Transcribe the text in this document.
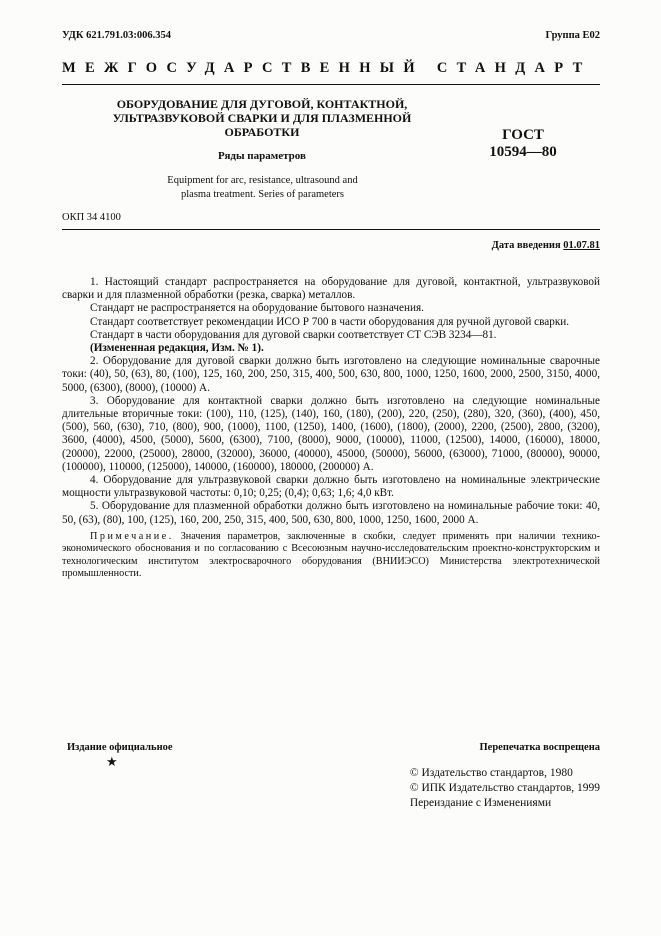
УДК 621.791.03:006.354	Группа Е02
МЕЖГОСУДАРСТВЕННЫЙ СТАНДАРТ
ОБОРУДОВАНИЕ ДЛЯ ДУГОВОЙ, КОНТАКТНОЙ,
УЛЬТРАЗВУКОВОЙ СВАРКИ И ДЛЯ ПЛАЗМЕННОЙ
ОБРАБОТКИ
Ряды параметров
Equipment for arc, resistance, ultrasound and
plasma treatment. Series of parameters
ГОСТ
10594—80
ОКП 34 4100
Дата введения 01.07.81

1. Настоящий стандарт распространяется на оборудование для дуговой, контактной, ультразвуковой сварки и для плазменной обработки (резка, сварка) металлов.

Стандарт не распространяется на оборудование бытового назначения.

Стандарт соответствует рекомендации ИСО Р 700 в части оборудования для ручной дуговой сварки.

Стандарт в части оборудования для дуговой сварки соответствует СТ СЭВ 3234—81.

(Измененная редакция, Изм. № 1).

2. Оборудование для дуговой сварки должно быть изготовлено на следующие номинальные сварочные токи: (40), 50, (63), 80, (100), 125, 160, 200, 250, 315, 400, 500, 630, 800, 1000, 1250, 1600, 2000, 2500, 3150, 4000, 5000, (6300), (8000), (10000) А.

3. Оборудование для контактной сварки должно быть изготовлено на следующие номинальные длительные вторичные токи: (100), 110, (125), (140), 160, (180), (200), 220, (250), (280), 320, (360), (400), 450, (500), 560, (630), 710, (800), 900, (1000), 1100, (1250), 1400, (1600), (1800), (2000), 2200, (2500), 2800, (3200), 3600, (4000), 4500, (5000), 5600, (6300), 7100, (8000), 9000, (10000), 11000, (12500), 14000, (16000), 18000, (20000), 22000, (25000), 28000, (32000), 36000, (40000), 45000, (50000), 56000, (63000), 71000, (80000), 90000, (100000), 110000, (125000), 140000, (160000), 180000, (200000) А.

4. Оборудование для ультразвуковой сварки должно быть изготовлено на номинальные электрические мощности ультразвуковой частоты: 0,10; 0,25; (0,4); 0,63; 1,6; 4,0 кВт.

5. Оборудование для плазменной обработки должно быть изготовлено на номинальные рабочие токи: 40, 50, (63), (80), 100, (125), 160, 200, 250, 315, 400, 500, 630, 800, 1000, 1250, 1600, 2000 А.

Примечание. Значения параметров, заключенные в скобки, следует применять при наличии технико-экономического обоснования и по согласованию с Всесоюзным научно-исследовательским проектно-конструкторским и технологическим институтом электросварочного оборудования (ВНИИЭСО) Министерства электротехнической промышленности.

Издание официальное
★
Перепечатка воспрещена
© Издательство стандартов, 1980
© ИПК Издательство стандартов, 1999
Переиздание с Изменениями
